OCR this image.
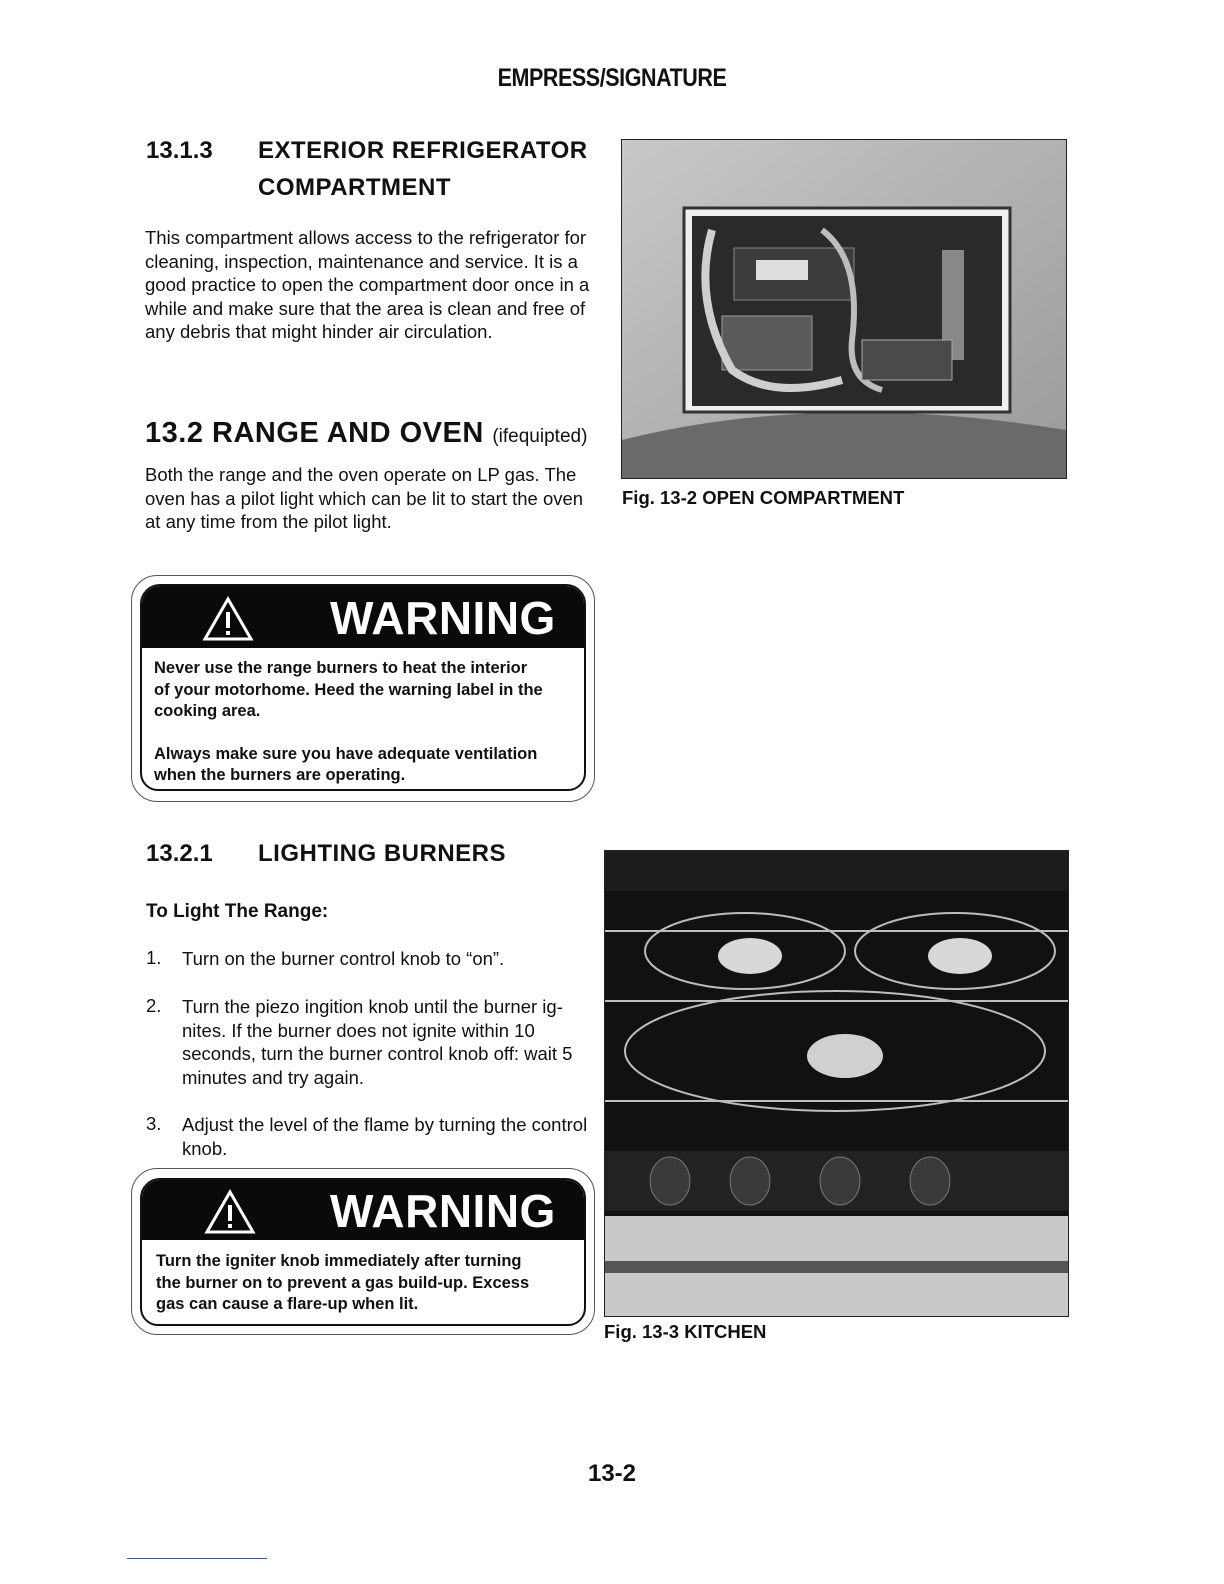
EMPRESS/SIGNATURE
13.1.3 EXTERIOR REFRIGERATOR
COMPARTMENT
This compartment allows access to the refrigerator for
cleaning, inspection, maintenance and service. It is a
good practice to open the compartment door once in a
while and make sure that the area is clean and free of
any debris that might hinder air circulation.
Fig. 13-2 OPEN COMPARTMENT
13.2 RANGE AND OVEN (ifequipted)
Both the range and the oven operate on LP gas. The
oven has a pilot light which can be lit to start the oven
at any time from the pilot light.
WARNING
Never use the range burners to heat the interior
of your motorhome. Heed the warning label in the
cooking area.
Always make sure you have adequate ventilation
when the burners are operating.
13.2.1 LIGHTING BURNERS
To Light The Range:
1. Turn on the burner control knob to “on”.
2. Turn the piezo ingition knob until the burner ig-
nites. If the burner does not ignite within 10
seconds, turn the burner control knob off: wait 5
minutes and try again.
3. Adjust the level of the flame by turning the control
knob.
Fig. 13-3 KITCHEN
WARNING
Turn the igniter knob immediately after turning
the burner on to prevent a gas build-up. Excess
gas can cause a flare-up when lit.
13-2
